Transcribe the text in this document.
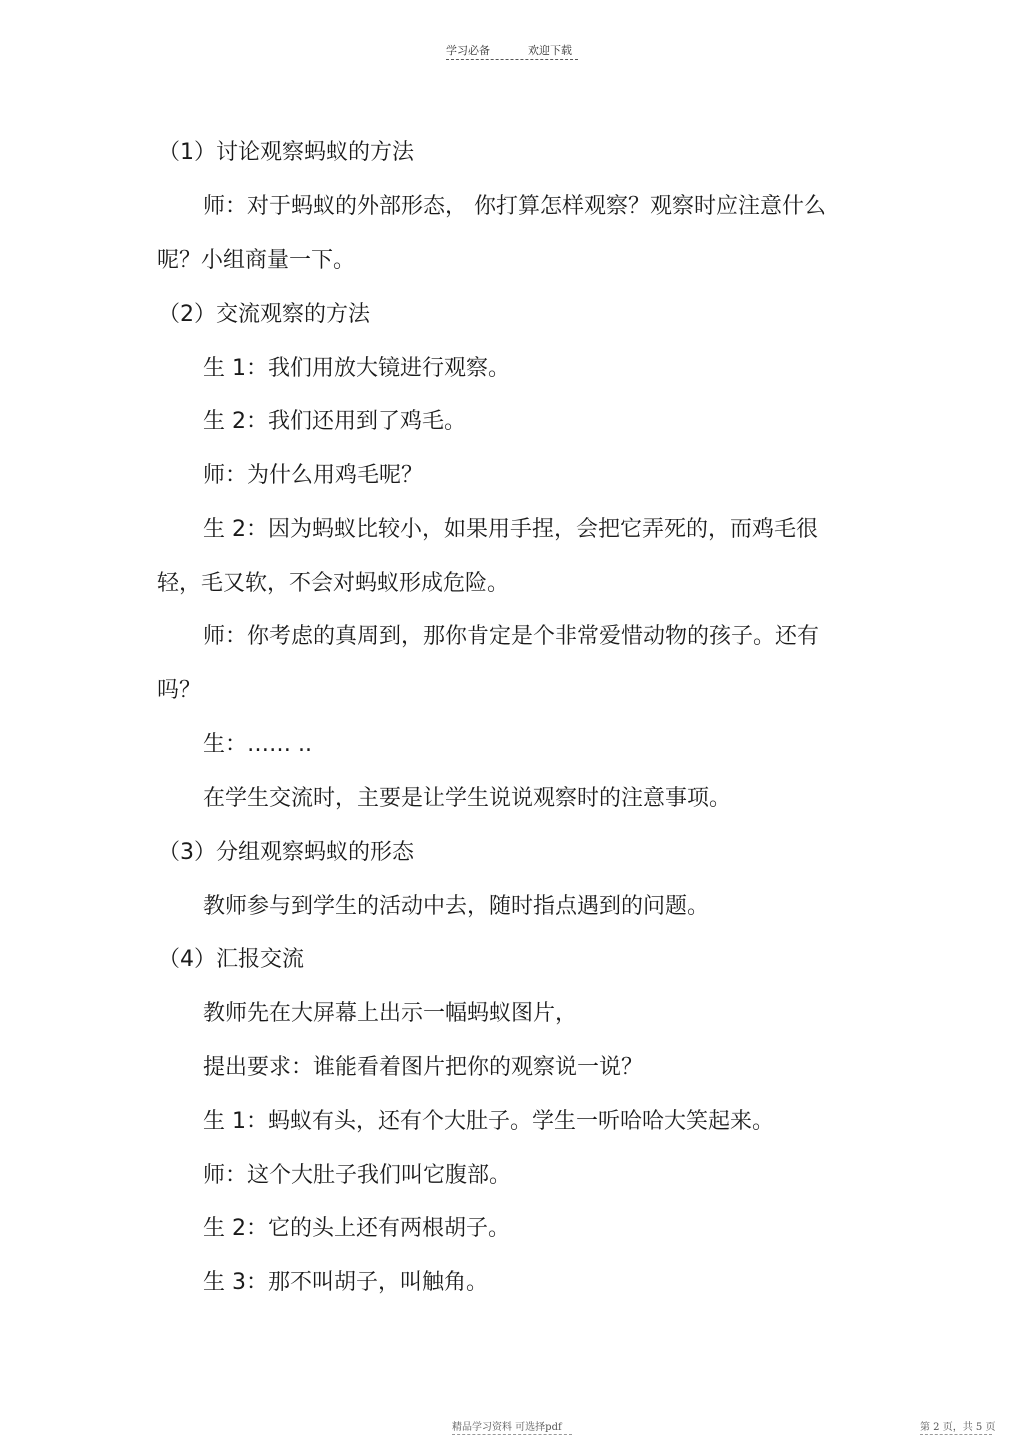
学习必备	欢迎下载
（1）讨论观察蚂蚁的方法
师：对于蚂蚁的外部形态， 你打算怎样观察？观察时应注意什么
呢？小组商量一下。
（2）交流观察的方法
生 1：我们用放大镜进行观察。
生 2：我们还用到了鸡毛。
师：为什么用鸡毛呢？
生 2：因为蚂蚁比较小，如果用手捏，会把它弄死的，而鸡毛很
轻，毛又软，不会对蚂蚁形成危险。
师：你考虑的真周到，那你肯定是个非常爱惜动物的孩子。还有
吗？
生：…… ..
在学生交流时，主要是让学生说说观察时的注意事项。
（3）分组观察蚂蚁的形态
教师参与到学生的活动中去，随时指点遇到的问题。
（4）汇报交流
教师先在大屏幕上出示一幅蚂蚁图片，
提出要求：谁能看着图片把你的观察说一说？
生 1：蚂蚁有头，还有个大肚子。学生一听哈哈大笑起来。
师：这个大肚子我们叫它腹部。
生 2：它的头上还有两根胡子。
生 3：那不叫胡子，叫触角。
精品学习资料 可选择pdf	第 2 页，共 5 页
